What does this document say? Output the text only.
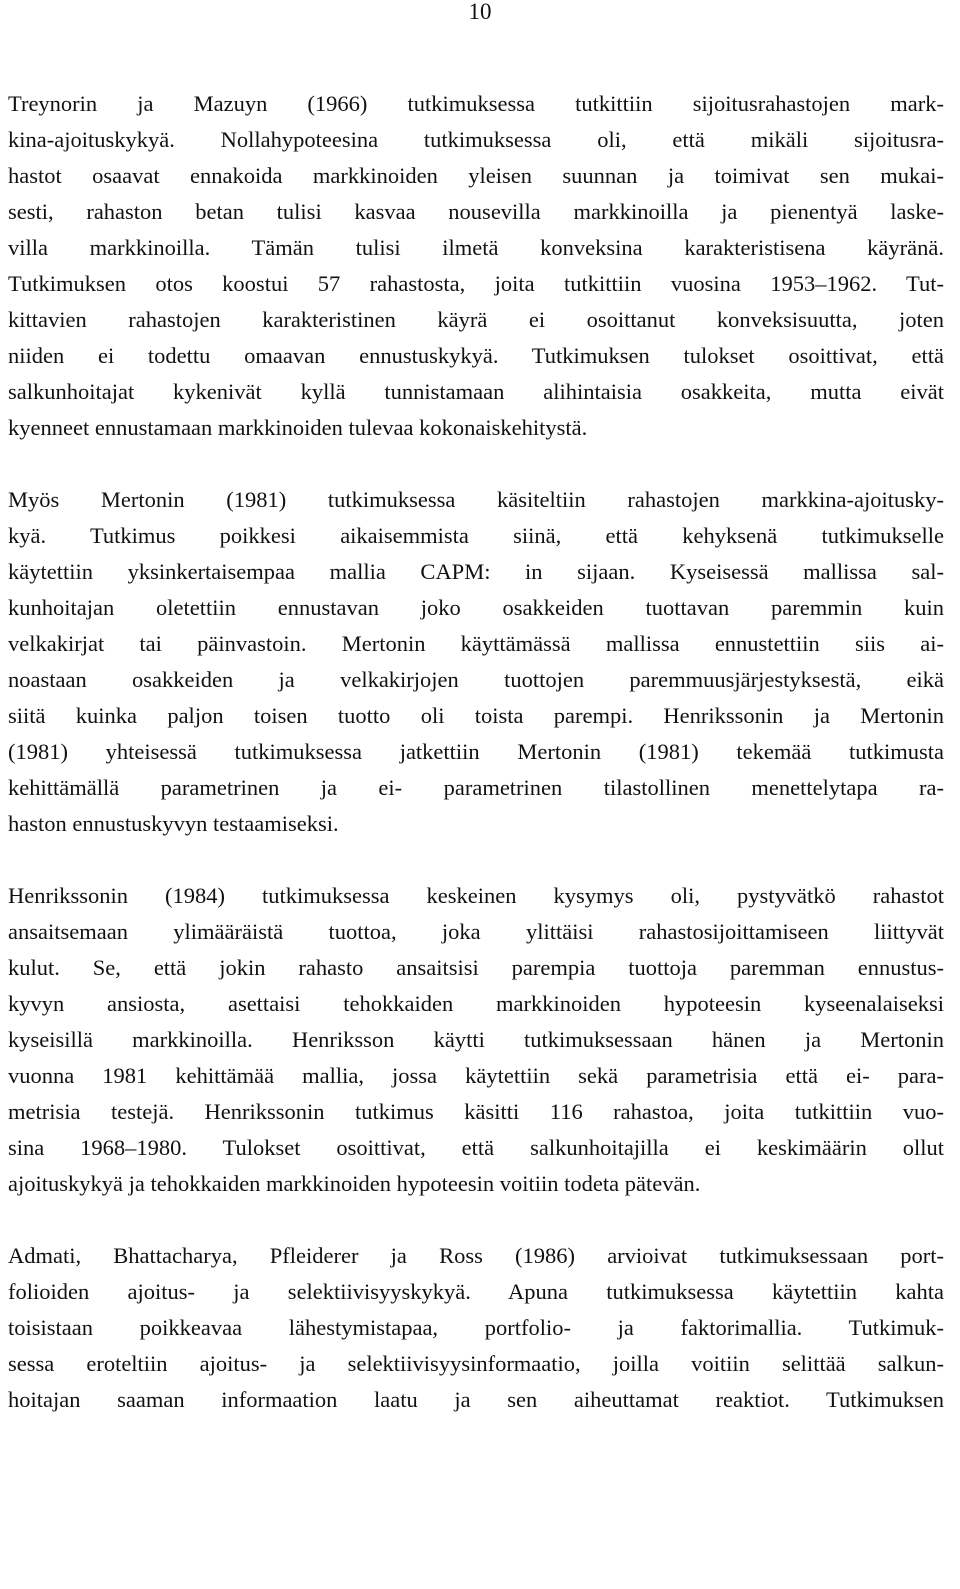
10

Treynorin ja Mazuyn (1966) tutkimuksessa tutkittiin sijoitusrahastojen mark-
kina-ajoituskykyä. Nollahypoteesina tutkimuksessa oli, että mikäli sijoitusra-
hastot osaavat ennakoida markkinoiden yleisen suunnan ja toimivat sen mukai-
sesti, rahaston betan tulisi kasvaa nousevilla markkinoilla ja pienentyä laske-
villa markkinoilla. Tämän tulisi ilmetä konveksina karakteristisena käyränä.
Tutkimuksen otos koostui 57 rahastosta, joita tutkittiin vuosina 1953–1962. Tut-
kittavien rahastojen karakteristinen käyrä ei osoittanut konveksisuutta, joten
niiden ei todettu omaavan ennustuskykyä. Tutkimuksen tulokset osoittivat, että
salkunhoitajat kykenivät kyllä tunnistamaan alihintaisia osakkeita, mutta eivät
kyenneet ennustamaan markkinoiden tulevaa kokonaiskehitystä.

Myös Mertonin (1981) tutkimuksessa käsiteltiin rahastojen markkina-ajoitusky-
kyä. Tutkimus poikkesi aikaisemmista siinä, että kehyksenä tutkimukselle
käytettiin yksinkertaisempaa mallia CAPM: in sijaan. Kyseisessä mallissa sal-
kunhoitajan oletettiin ennustavan joko osakkeiden tuottavan paremmin kuin
velkakirjat tai päinvastoin. Mertonin käyttämässä mallissa ennustettiin siis ai-
noastaan osakkeiden ja velkakirjojen tuottojen paremmuusjärjestyksestä, eikä
siitä kuinka paljon toisen tuotto oli toista parempi. Henrikssonin ja Mertonin
(1981) yhteisessä tutkimuksessa jatkettiin Mertonin (1981) tekemää tutkimusta
kehittämällä parametrinen ja ei- parametrinen tilastollinen menettelytapa ra-
haston ennustuskyvyn testaamiseksi.

Henrikssonin (1984) tutkimuksessa keskeinen kysymys oli, pystyvätkö rahastot
ansaitsemaan ylimääräistä tuottoa, joka ylittäisi rahastosijoittamiseen liittyvät
kulut. Se, että jokin rahasto ansaitsisi parempia tuottoja paremman ennustus-
kyvyn ansiosta, asettaisi tehokkaiden markkinoiden hypoteesin kyseenalaiseksi
kyseisillä markkinoilla. Henriksson käytti tutkimuksessaan hänen ja Mertonin
vuonna 1981 kehittämää mallia, jossa käytettiin sekä parametrisia että ei- para-
metrisia testejä. Henrikssonin tutkimus käsitti 116 rahastoa, joita tutkittiin vuo-
sina 1968–1980. Tulokset osoittivat, että salkunhoitajilla ei keskimäärin ollut
ajoituskykyä ja tehokkaiden markkinoiden hypoteesin voitiin todeta pätevän.

Admati, Bhattacharya, Pfleiderer ja Ross (1986) arvioivat tutkimuksessaan port-
folioiden ajoitus- ja selektiivisyyskykyä. Apuna tutkimuksessa käytettiin kahta
toisistaan poikkeavaa lähestymistapaa, portfolio- ja faktorimallia. Tutkimuk-
sessa eroteltiin ajoitus- ja selektiivisyysinformaatio, joilla voitiin selittää salkun-
hoitajan saaman informaation laatu ja sen aiheuttamat reaktiot. Tutkimuksen
